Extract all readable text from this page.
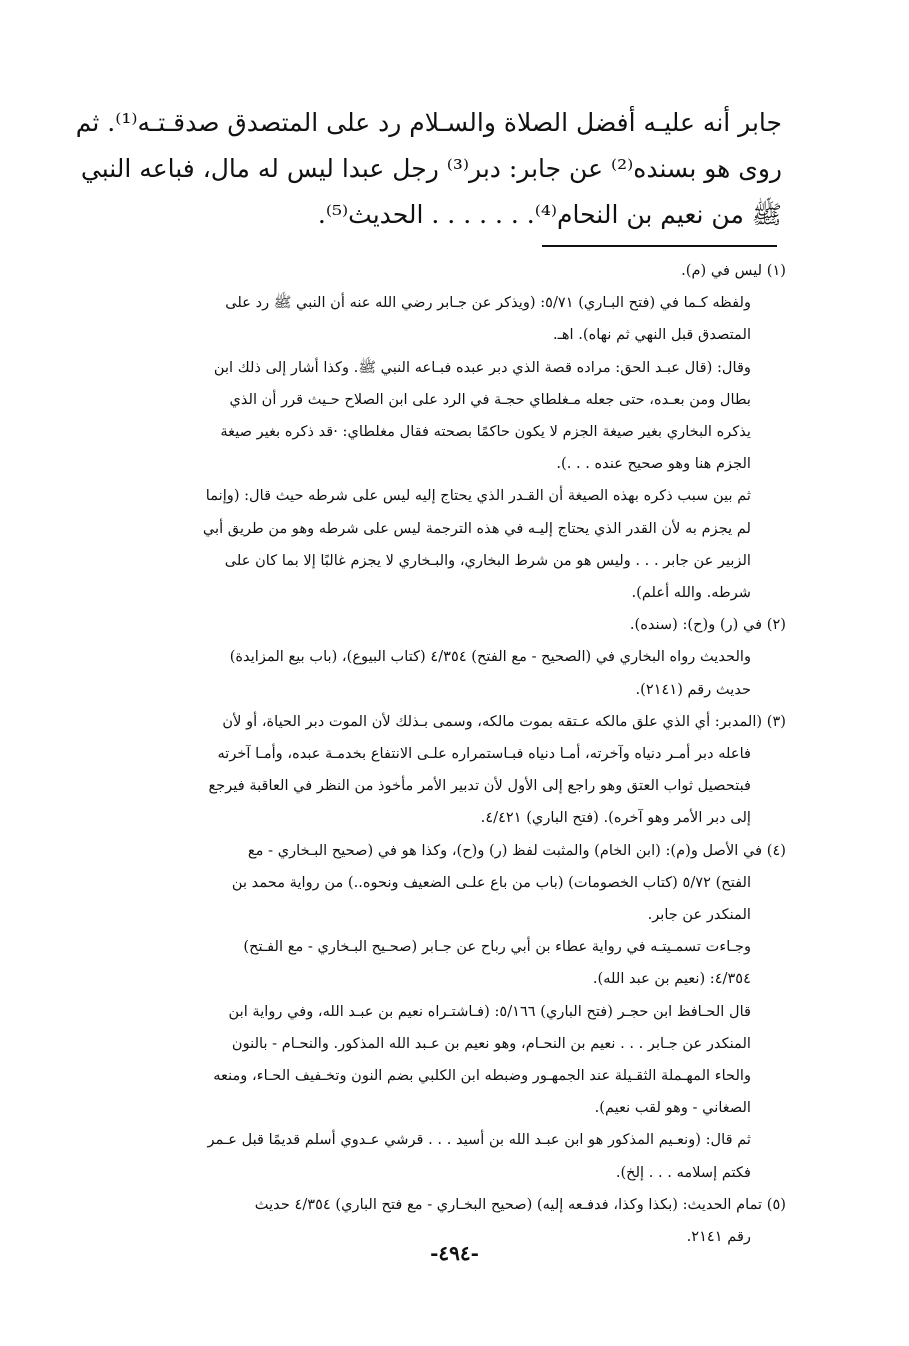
جابر أنه عليـه أفضل الصلاة والسـلام رد على المتصدق صدقـتـه⁽¹⁾. ثم
روى هو بسنده⁽²⁾ عن جابر: دبر⁽³⁾ رجل عبدا ليس له مال، فباعه النبي
ﷺ من نعيم بن النحام⁽⁴⁾. . . . . . . الحديث⁽⁵⁾.
(١) ليس في (م).
ولفظه كـما في (فتح البـاري) ٥/٧١: (ويذكر عن جـابر رضي الله عنه أن النبي ﷺ رد على
المتصدق قبل النهي ثم نهاه). اهـ.
وقال: (قال عبـد الحق: مراده قصة الذي دبر عبده فبـاعه النبي ﷺ. وكذا أشار إلى ذلك ابن
بطال ومن بعـده، حتى جعله مـغلطاي حجـة في الرد على ابن الصلاح حـيث قرر أن الذي
يذكره البخاري بغير صيغة الجزم لا يكون حاكمًا بصحته فقال مغلطاي: ·قد ذكره بغير صيغة
الجزم هنا وهو صحيح عنده . . .).
ثم بين سبب ذكره بهذه الصيغة أن القـدر الذي يحتاج إليه ليس على شرطه حيث قال: (وإنما
لم يجزم به لأن القدر الذي يحتاج إليـه في هذه الترجمة ليس على شرطه وهو من طريق أبي
الزبير عن جابر . . . وليس هو من شرط البخاري، والبـخاري لا يجزم غالبًا إلا بما كان على
شرطه. والله أعلم).
(٢) في (ر) و(ح): (سنده).
والحديث رواه البخاري في (الصحيح - مع الفتح) ٤/٣٥٤ (كتاب البيوع)، (باب بيع المزايدة)
حديث رقم (٢١٤١).
(٣) (المدبر: أي الذي علق مالكه عـتقه بموت مالكه، وسمى بـذلك لأن الموت دبر الحياة، أو لأن
فاعله دبر أمـر دنياه وآخرته، أمـا دنياه فبـاستمراره علـى الانتفاع بخدمـة عبده، وأمـا آخرته
فبتحصيل ثواب العتق وهو راجع إلى الأول لأن تدبير الأمر مأخوذ من النظر في العاقبة فيرجع
إلى دبر الأمر وهو آخره). (فتح الباري) ٤/٤٢١.
(٤) في الأصل و(م): (ابن الخام) والمثبت لفظ (ر) و(ح)، وكذا هو في (صحيح البـخاري - مع
الفتح) ٥/٧٢ (كتاب الخصومات) (باب من باع علـى الضعيف ونحوه..) من رواية محمد بن
المنكدر عن جابر.
وجـاءت تسمـيتـه في رواية عطاء بن أبي رباح عن جـابر (صحـيح البـخاري - مع الفـتح)
٤/٣٥٤: (نعيم بن عبد الله).
قال الحـافظ ابن حجـر (فتح الباري) ٥/١٦٦: (فـاشتـراه نعيم بن عبـد الله، وفي رواية ابن
المنكدر عن جـابر . . . نعيم بن النحـام، وهو نعيم بن عـبد الله المذكور. والنحـام - بالنون
والحاء المهـملة الثقـيلة عند الجمهـور وضبطه ابن الكلبي بضم النون وتخـفيف الحـاء، ومنعه
الصغاني - وهو لقب نعيم).
ثم قال: (ونعـيم المذكور هو ابن عبـد الله بن أسيد . . . قرشي عـدوي أسلم قديمًا قبل عـمر
فكتم إسلامه . . . إلخ).
(٥) تمام الحديث: (بكذا وكذا، فدفـعه إليه) (صحيح البخـاري - مع فتح الباري) ٤/٣٥٤ حديث
رقم ٢١٤١.
-٤٩٤-
